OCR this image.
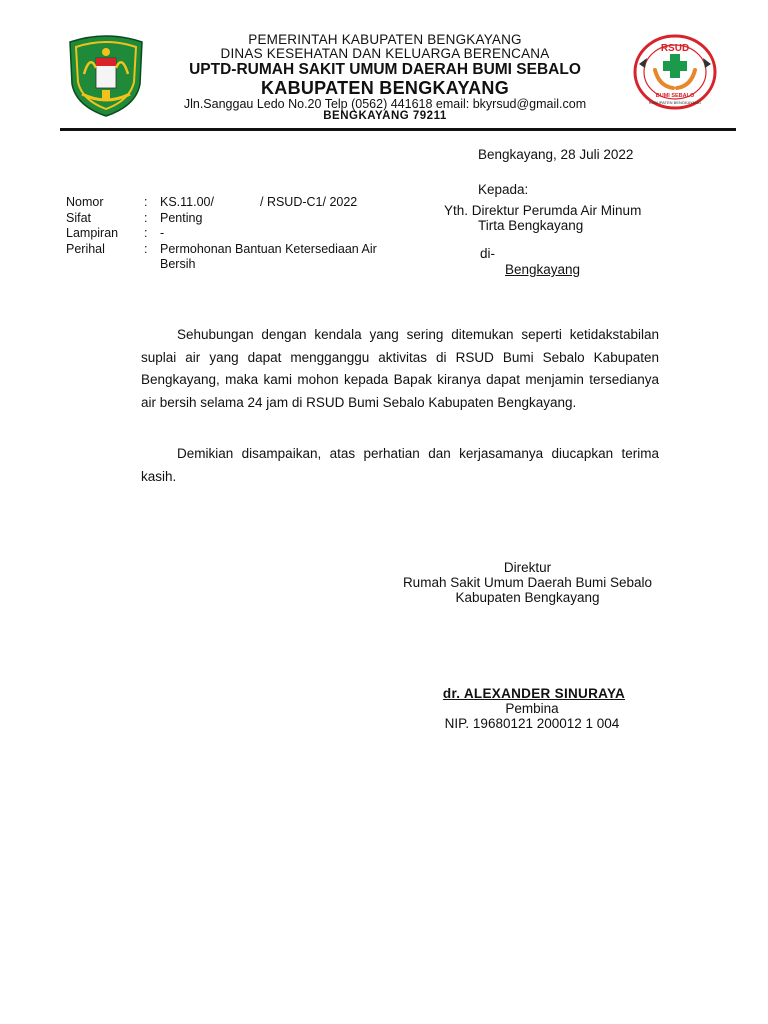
PEMERINTAH KABUPATEN BENGKAYANG
DINAS KESEHATAN DAN KELUARGA BERENCANA
UPTD-RUMAH SAKIT UMUM DAERAH BUMI SEBALO
KABUPATEN BENGKAYANG
Jln.Sanggau Ledo No.20 Telp (0562) 441618 email: bkyrsud@gmail.com
BENGKAYANG 79211
RSUD
BUMI SEBALO
KABUPATEN BENGKAYANG
Bengkayang, 28 Juli 2022
Kepada:
Yth. Direktur Perumda Air Minum
Tirta Bengkayang
di-
Bengkayang
Nomor	:	KS.11.00/	/ RSUD-C1/ 2022
Sifat	:	Penting
Lampiran	:	-
Perihal	:	Permohonan Bantuan Ketersediaan Air Bersih
Sehubungan dengan kendala yang sering ditemukan seperti ketidakstabilan suplai air yang dapat mengganggu aktivitas di RSUD Bumi Sebalo Kabupaten Bengkayang, maka kami mohon kepada Bapak kiranya dapat menjamin tersedianya air bersih selama 24 jam di RSUD Bumi Sebalo Kabupaten Bengkayang.
Demikian disampaikan, atas perhatian dan kerjasamanya diucapkan terima kasih.
Direktur
Rumah Sakit Umum Daerah Bumi Sebalo
Kabupaten Bengkayang
dr. ALEXANDER SINURAYA
Pembina
NIP. 19680121 200012 1 004
